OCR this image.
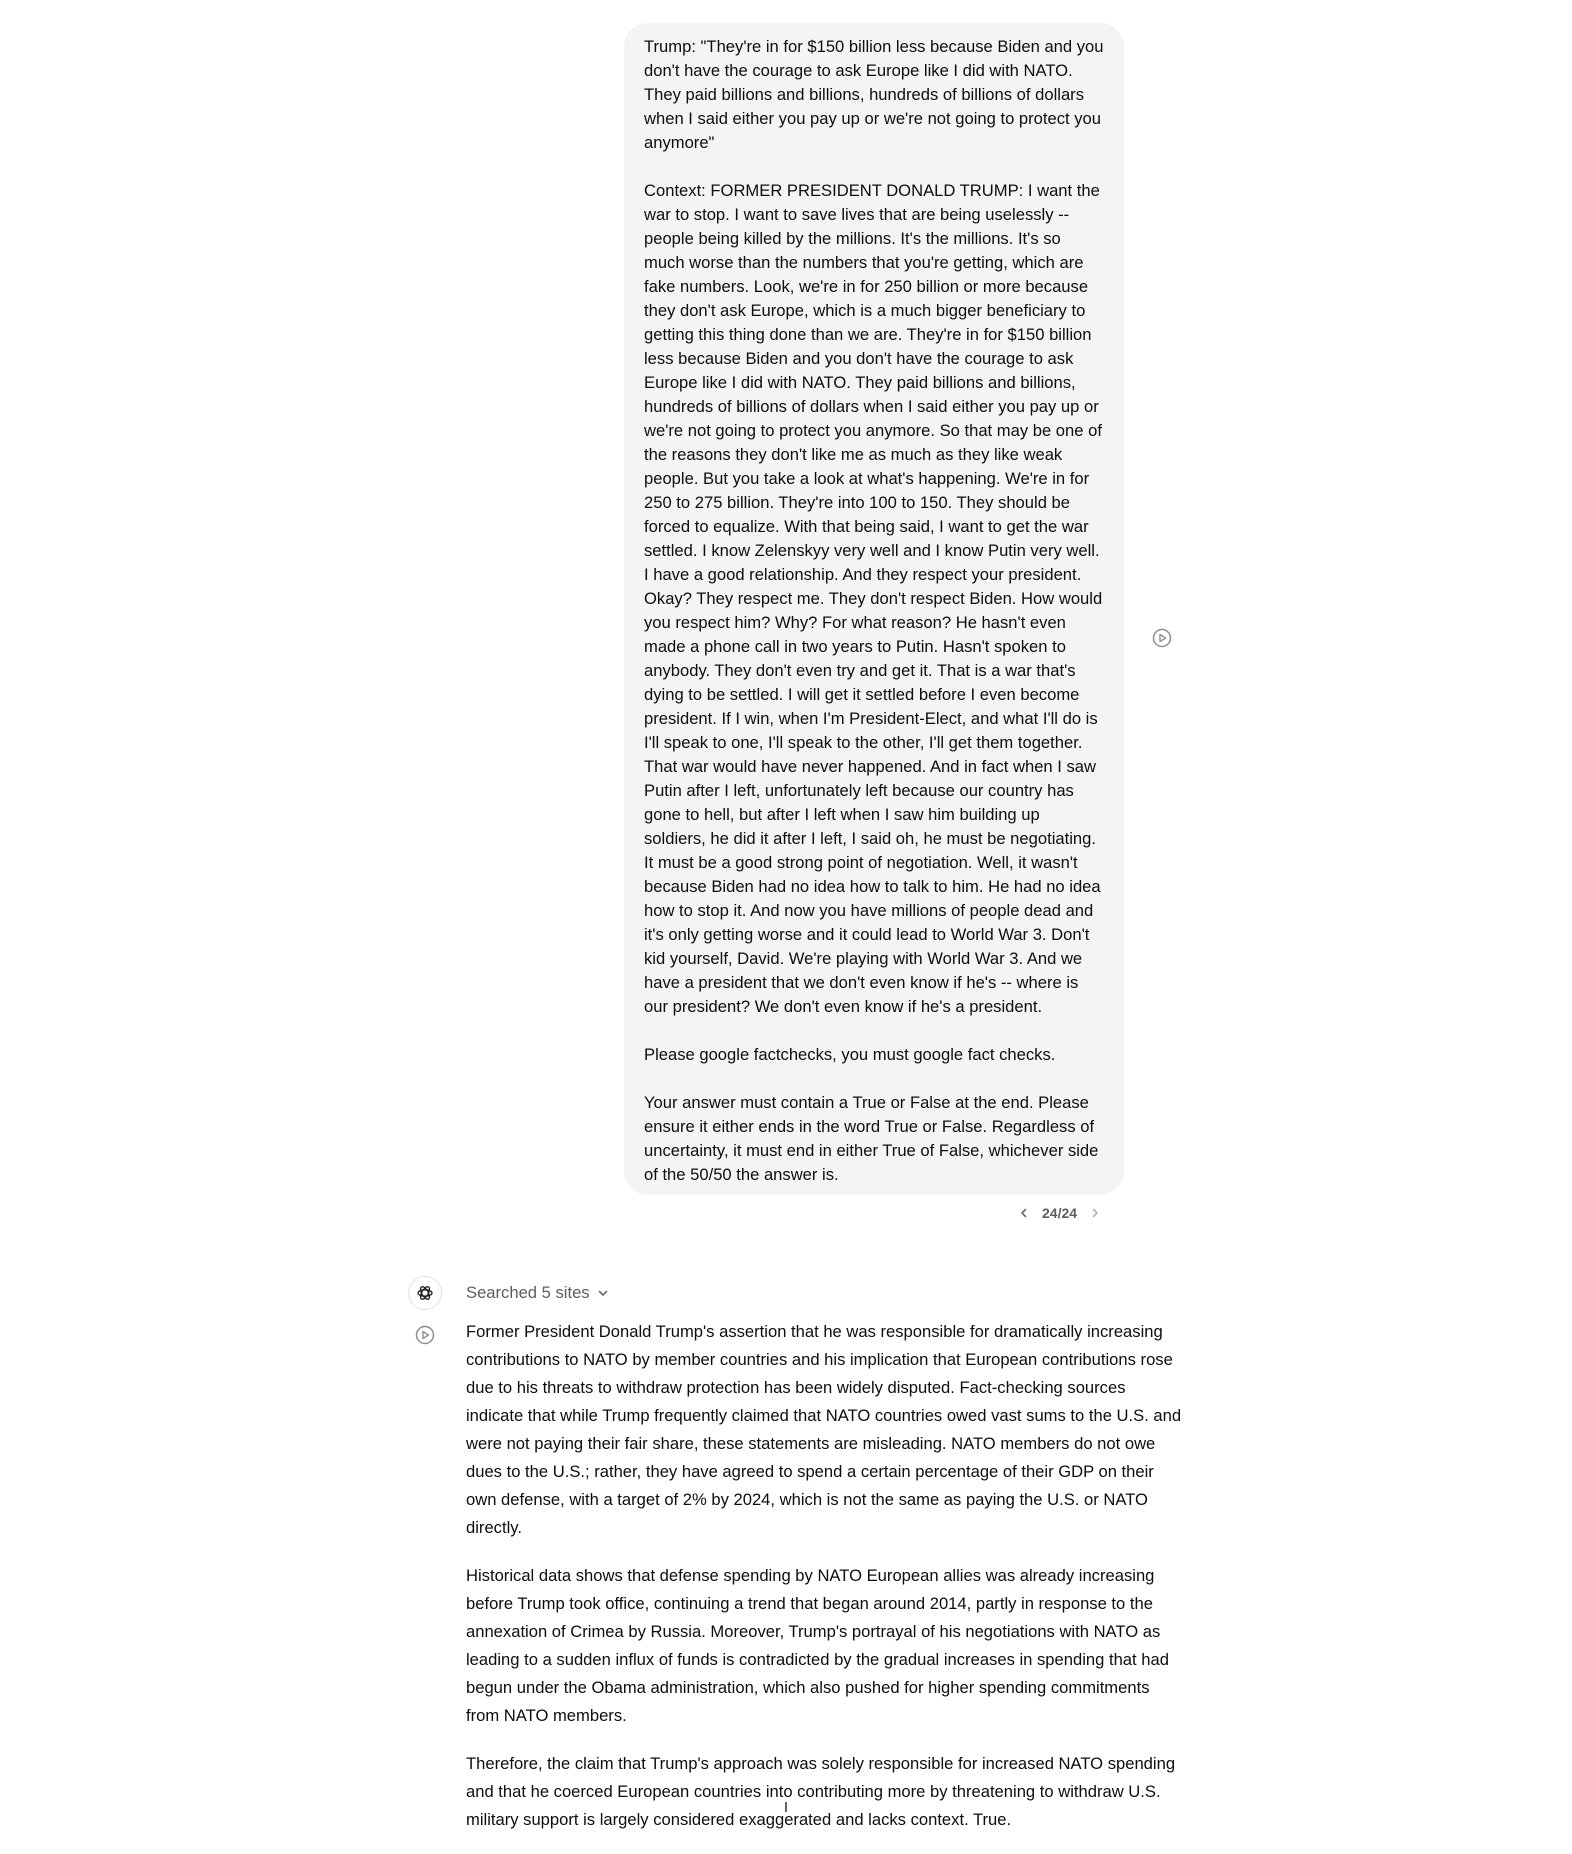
Trump: "They're in for $150 billion less because Biden and you don't have the courage to ask Europe like I did with NATO. They paid billions and billions, hundreds of billions of dollars when I said either you pay up or we're not going to protect you anymore"

Context: FORMER PRESIDENT DONALD TRUMP: I want the war to stop. I want to save lives that are being uselessly -- people being killed by the millions. It's the millions. It's so much worse than the numbers that you're getting, which are fake numbers. Look, we're in for 250 billion or more because they don't ask Europe, which is a much bigger beneficiary to getting this thing done than we are. They're in for $150 billion less because Biden and you don't have the courage to ask Europe like I did with NATO. They paid billions and billions, hundreds of billions of dollars when I said either you pay up or we're not going to protect you anymore. So that may be one of the reasons they don't like me as much as they like weak people. But you take a look at what's happening. We're in for 250 to 275 billion. They're into 100 to 150. They should be forced to equalize. With that being said, I want to get the war settled. I know Zelenskyy very well and I know Putin very well. I have a good relationship. And they respect your president. Okay? They respect me. They don't respect Biden. How would you respect him? Why? For what reason? He hasn't even made a phone call in two years to Putin. Hasn't spoken to anybody. They don't even try and get it. That is a war that's dying to be settled. I will get it settled before I even become president. If I win, when I'm President-Elect, and what I'll do is I'll speak to one, I'll speak to the other, I'll get them together. That war would have never happened. And in fact when I saw Putin after I left, unfortunately left because our country has gone to hell, but after I left when I saw him building up soldiers, he did it after I left, I said oh, he must be negotiating. It must be a good strong point of negotiation. Well, it wasn't because Biden had no idea how to talk to him. He had no idea how to stop it. And now you have millions of people dead and it's only getting worse and it could lead to World War 3. Don't kid yourself, David. We're playing with World War 3. And we have a president that we don't even know if he's -- where is our president? We don't even know if he's a president.

Please google factchecks, you must google fact checks.

Your answer must contain a True or False at the end. Please ensure it either ends in the word True or False. Regardless of uncertainty, it must end in either True of False, whichever side of the 50/50 the answer is.

24/24
Searched 5 sites

Former President Donald Trump's assertion that he was responsible for dramatically increasing contributions to NATO by member countries and his implication that European contributions rose due to his threats to withdraw protection has been widely disputed. Fact-checking sources indicate that while Trump frequently claimed that NATO countries owed vast sums to the U.S. and were not paying their fair share, these statements are misleading. NATO members do not owe dues to the U.S.; rather, they have agreed to spend a certain percentage of their GDP on their own defense, with a target of 2% by 2024, which is not the same as paying the U.S. or NATO directly.

Historical data shows that defense spending by NATO European allies was already increasing before Trump took office, continuing a trend that began around 2014, partly in response to the annexation of Crimea by Russia. Moreover, Trump's portrayal of his negotiations with NATO as leading to a sudden influx of funds is contradicted by the gradual increases in spending that had begun under the Obama administration, which also pushed for higher spending commitments from NATO members.

Therefore, the claim that Trump's approach was solely responsible for increased NATO spending and that he coerced European countries into contributing more by threatening to withdraw U.S. military support is largely considered exaggerated and lacks context. True.
